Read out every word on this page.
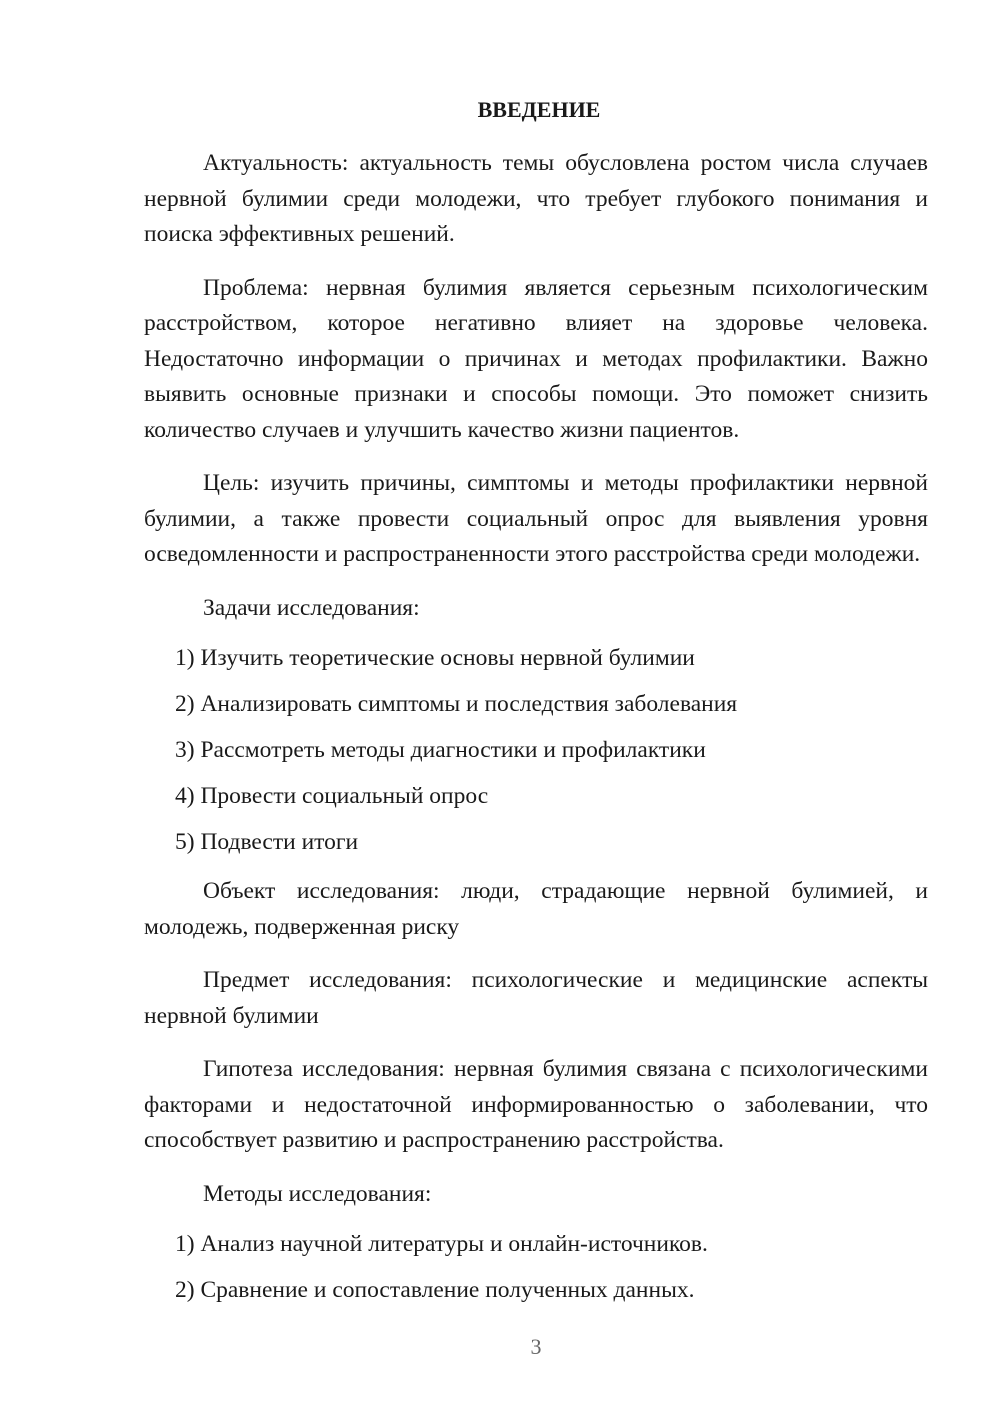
ВВЕДЕНИЕ

Актуальность: актуальность темы обусловлена ростом числа случаев нервной булимии среди молодежи, что требует глубокого понимания и поиска эффективных решений.

Проблема: нервная булимия является серьезным психологическим расстройством, которое негативно влияет на здоровье человека. Недостаточно информации о причинах и методах профилактики. Важно выявить основные признаки и способы помощи. Это поможет снизить количество случаев и улучшить качество жизни пациентов.

Цель: изучить причины, симптомы и методы профилактики нервной булимии, а также провести социальный опрос для выявления уровня осведомленности и распространенности этого расстройства среди молодежи.

Задачи исследования:

1) Изучить теоретические основы нервной булимии
2) Анализировать симптомы и последствия заболевания
3) Рассмотреть методы диагностики и профилактики
4) Провести социальный опрос
5) Подвести итоги

Объект исследования: люди, страдающие нервной булимией, и молодежь, подверженная риску

Предмет исследования: психологические и медицинские аспекты нервной булимии

Гипотеза исследования: нервная булимия связана с психологическими факторами и недостаточной информированностью о заболевании, что способствует развитию и распространению расстройства.

Методы исследования:

1) Анализ научной литературы и онлайн-источников.
2) Сравнение и сопоставление полученных данных.
3
